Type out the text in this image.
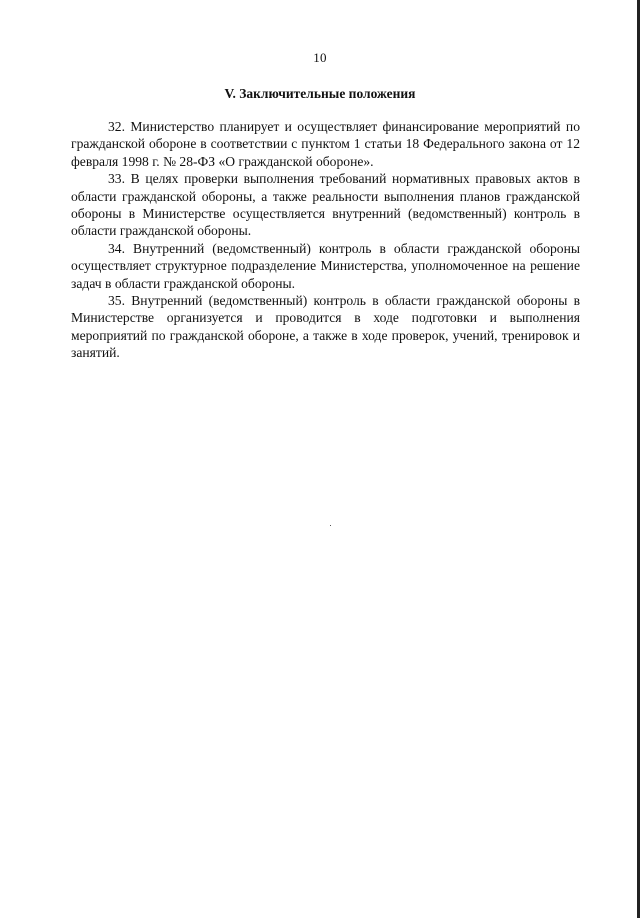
10
V. Заключительные положения

32. Министерство планирует и осуществляет финансирование мероприятий по гражданской обороне в соответствии с пунктом 1 статьи 18 Федерального закона от 12 февраля 1998 г. № 28-ФЗ «О гражданской обороне».

33. В целях проверки выполнения требований нормативных правовых актов в области гражданской обороны, а также реальности выполнения планов гражданской обороны в Министерстве осуществляется внутренний (ведомственный) контроль в области гражданской обороны.

34. Внутренний (ведомственный) контроль в области гражданской обороны осуществляет структурное подразделение Министерства, уполномоченное на решение задач в области гражданской обороны.

35. Внутренний (ведомственный) контроль в области гражданской обороны в Министерстве организуется и проводится в ходе подготовки и выполнения мероприятий по гражданской обороне, а также в ходе проверок, учений, тренировок и занятий.
